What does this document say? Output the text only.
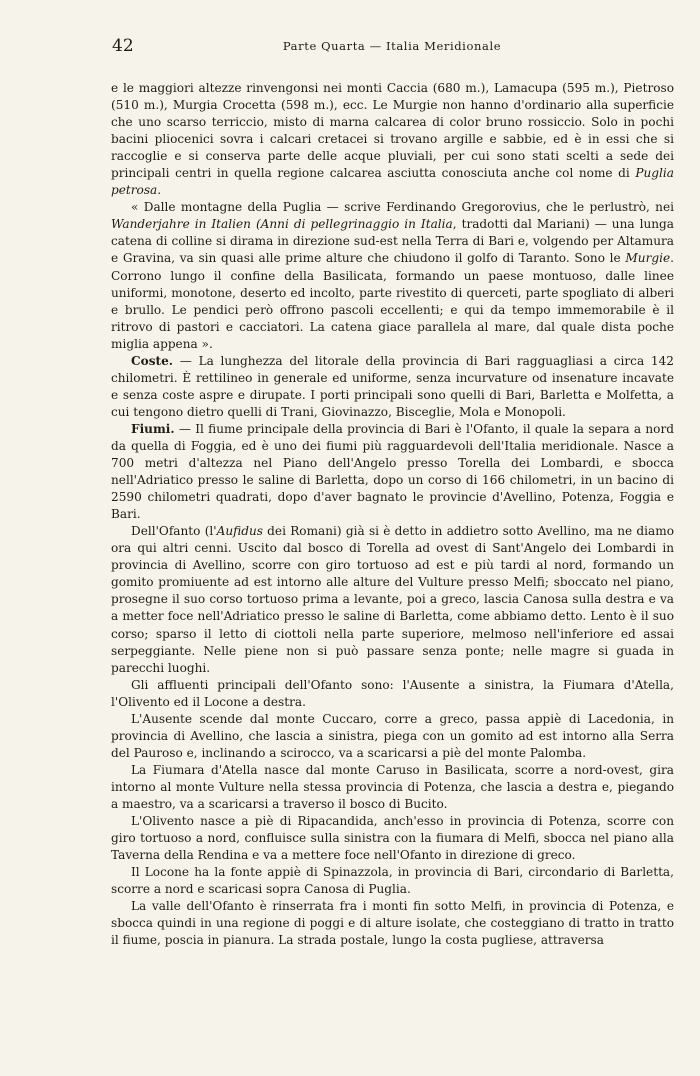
42	Parte Quarta — Italia Meridionale

e le maggiori altezze rinvengonsi nei monti Caccia (680 m.), Lamacupa (595 m.), Pietroso (510 m.), Murgia Crocetta (598 m.), ecc. Le Murgie non hanno d'ordinario alla superficie che uno scarso terriccio, misto di marna calcarea di color bruno rossiccio. Solo in pochi bacini pliocenici sovra i calcari cretacei si trovano argille e sabbie, ed è in essi che si raccoglie e si conserva parte delle acque pluviali, per cui sono stati scelti a sede dei principali centri in quella regione calcarea asciutta conosciuta anche col nome di Puglia petrosa.

« Dalle montagne della Puglia — scrive Ferdinando Gregorovius, che le perlustrò, nei Wanderjahre in Italien (Anni di pellegrinaggio in Italia, tradotti dal Mariani) — una lunga catena di colline si dirama in direzione sud-est nella Terra di Bari e, volgendo per Altamura e Gravina, va sin quasi alle prime alture che chiudono il golfo di Taranto. Sono le Murgie. Corrono lungo il confine della Basilicata, formando un paese montuoso, dalle linee uniformi, monotone, deserto ed incolto, parte rivestito di querceti, parte spogliato di alberi e brullo. Le pendici però offrono pascoli eccellenti; e qui da tempo immemorabile è il ritrovo di pastori e cacciatori. La catena giace parallela al mare, dal quale dista poche miglia appena ».

Coste. — La lunghezza del litorale della provincia di Bari ragguagliasi a circa 142 chilometri. È rettilineo in generale ed uniforme, senza incurvature od insenature incavate e senza coste aspre e dirupate. I porti principali sono quelli di Bari, Barletta e Molfetta, a cui tengono dietro quelli di Trani, Giovinazzo, Bisceglie, Mola e Monopoli.

Fiumi. — Il fiume principale della provincia di Bari è l'Ofanto, il quale la separa a nord da quella di Foggia, ed è uno dei fiumi più ragguardevoli dell'Italia meridionale. Nasce a 700 metri d'altezza nel Piano dell'Angelo presso Torella dei Lombardi, e sbocca nell'Adriatico presso le saline di Barletta, dopo un corso di 166 chilometri, in un bacino di 2590 chilometri quadrati, dopo d'aver bagnato le provincie d'Avellino, Potenza, Foggia e Bari.

Dell'Ofanto (l'Aufidus dei Romani) già si è detto in addietro sotto Avellino, ma ne diamo ora qui altri cenni. Uscito dal bosco di Torella ad ovest di Sant'Angelo dei Lombardi in provincia di Avellino, scorre con giro tortuoso ad est e più tardi al nord, formando un gomito promiuente ad est intorno alle alture del Vulture presso Melfi; sboccato nel piano, prosegne il suo corso tortuoso prima a levante, poi a greco, lascia Canosa sulla destra e va a metter foce nell'Adriatico presso le saline di Barletta, come abbiamo detto. Lento è il suo corso; sparso il letto di ciottoli nella parte superiore, melmoso nell'inferiore ed assai serpeggiante. Nelle piene non si può passare senza ponte; nelle magre si guada in parecchi luoghi.

Gli affluenti principali dell'Ofanto sono: l'Ausente a sinistra, la Fiumara d'Atella, l'Olivento ed il Locone a destra.

L'Ausente scende dal monte Cuccaro, corre a greco, passa appiè di Lacedonia, in provincia di Avellino, che lascia a sinistra, piega con un gomito ad est intorno alla Serra del Pauroso e, inclinando a scirocco, va a scaricarsi a piè del monte Palomba.

La Fiumara d'Atella nasce dal monte Caruso in Basilicata, scorre a nord-ovest, gira intorno al monte Vulture nella stessa provincia di Potenza, che lascia a destra e, piegando a maestro, va a scaricarsi a traverso il bosco di Bucito.

L'Olivento nasce a piè di Ripacandida, anch'esso in provincia di Potenza, scorre con giro tortuoso a nord, confluisce sulla sinistra con la fiumara di Melfi, sbocca nel piano alla Taverna della Rendina e va a mettere foce nell'Ofanto in direzione di greco.

Il Locone ha la fonte appiè di Spinazzola, in provincia di Bari, circondario di Barletta, scorre a nord e scaricasi sopra Canosa di Puglia.

La valle dell'Ofanto è rinserrata fra i monti fin sotto Melfi, in provincia di Potenza, e sbocca quindi in una regione di poggi e di alture isolate, che costeggiano di tratto in tratto il fiume, poscia in pianura. La strada postale, lungo la costa pugliese, attraversa
